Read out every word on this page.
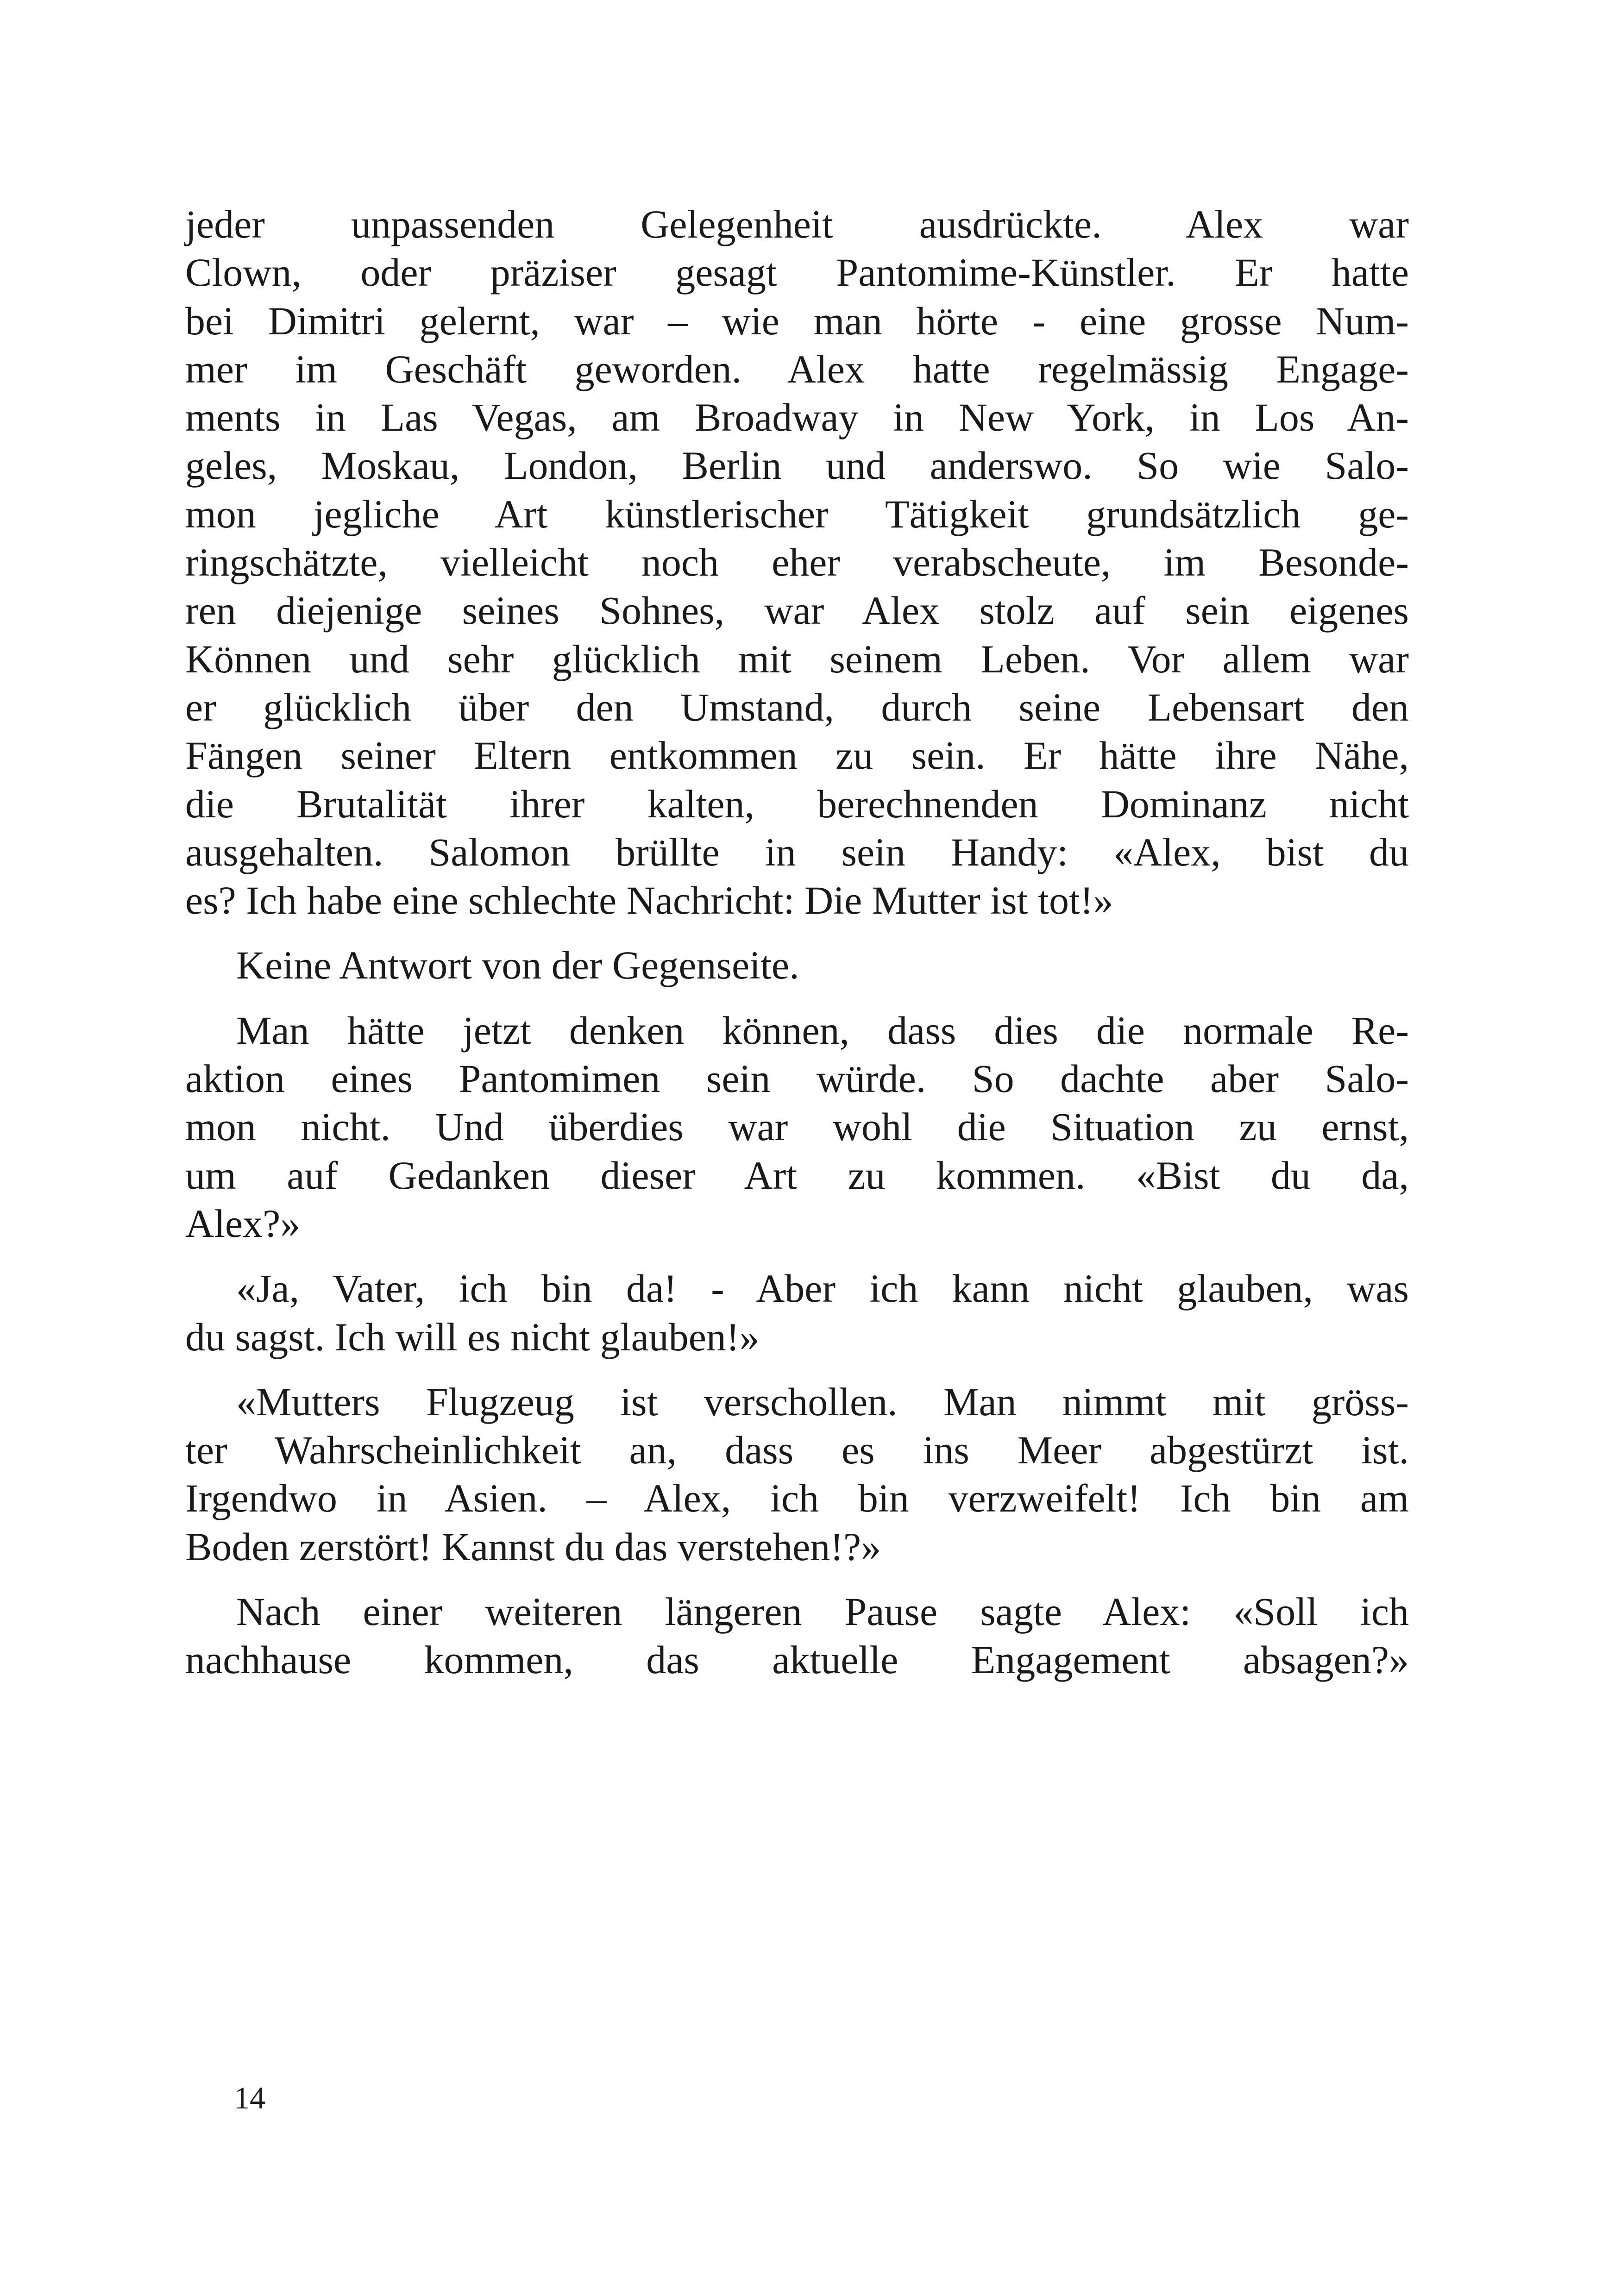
jeder unpassenden Gelegenheit ausdrückte. Alex war
Clown, oder präziser gesagt Pantomime-Künstler. Er hatte
bei Dimitri gelernt, war – wie man hörte - eine grosse Num-
mer im Geschäft geworden. Alex hatte regelmässig Engage-
ments in Las Vegas, am Broadway in New York, in Los An-
geles, Moskau, London, Berlin und anderswo. So wie Salo-
mon jegliche Art künstlerischer Tätigkeit grundsätzlich ge-
ringschätzte, vielleicht noch eher verabscheute, im Besonde-
ren diejenige seines Sohnes, war Alex stolz auf sein eigenes
Können und sehr glücklich mit seinem Leben. Vor allem war
er glücklich über den Umstand, durch seine Lebensart den
Fängen seiner Eltern entkommen zu sein. Er hätte ihre Nähe,
die Brutalität ihrer kalten, berechnenden Dominanz nicht
ausgehalten. Salomon brüllte in sein Handy: «Alex, bist du
es? Ich habe eine schlechte Nachricht: Die Mutter ist tot!»
Keine Antwort von der Gegenseite.
Man hätte jetzt denken können, dass dies die normale Re-
aktion eines Pantomimen sein würde. So dachte aber Salo-
mon nicht. Und überdies war wohl die Situation zu ernst,
um auf Gedanken dieser Art zu kommen. «Bist du da,
Alex?»
«Ja, Vater, ich bin da! - Aber ich kann nicht glauben, was
du sagst. Ich will es nicht glauben!»
«Mutters Flugzeug ist verschollen. Man nimmt mit gröss-
ter Wahrscheinlichkeit an, dass es ins Meer abgestürzt ist.
Irgendwo in Asien. – Alex, ich bin verzweifelt! Ich bin am
Boden zerstört! Kannst du das verstehen!?»
Nach einer weiteren längeren Pause sagte Alex: «Soll ich
nachhause kommen, das aktuelle Engagement absagen?»
14
